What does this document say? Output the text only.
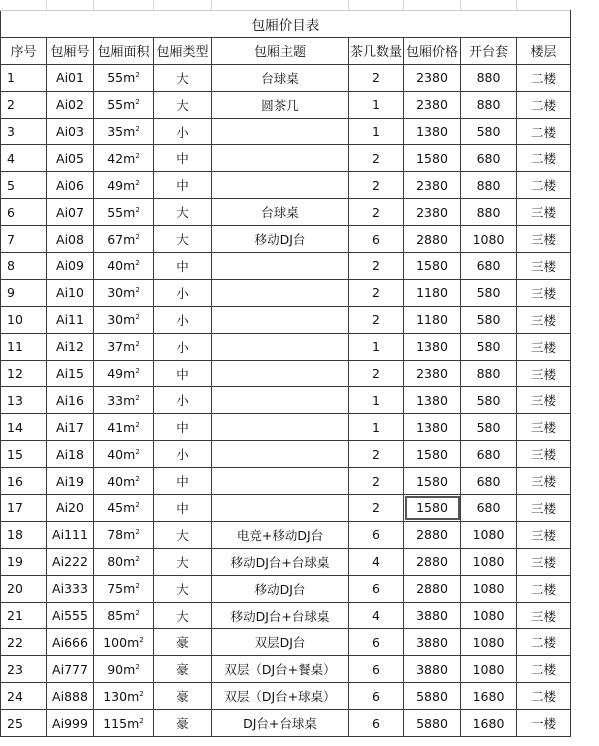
包厢价目表								
序号	包厢号	包厢面积	包厢类型	包厢主题	茶几数量	包厢价格	开台套	楼层
1	Ai01	$55m^2$	大	台球桌	2	2380	880	二楼
2	Ai02	$55m^2$	大	圆茶几	1	2380	880	二楼
3	Ai03	$35m^2$	小		1	1380	580	二楼
4	Ai05	$42m^2$	中		2	1580	680	二楼
5	Ai06	$49m^2$	中		2	2380	880	二楼
6	Ai07	$55m^2$	大	台球桌	2	2380	880	三楼
7	Ai08	$67m^2$	大	移动DJ台	6	2880	1080	三楼
8	Ai09	$40m^2$	中		2	1580	680	三楼
9	Ai10	$30m^2$	小		2	1180	580	三楼
10	Ai11	$30m^2$	小		2	1180	580	三楼
11	Ai12	$37m^2$	小		1	1380	580	三楼
12	Ai15	$49m^2$	中		2	2380	880	三楼
13	Ai16	$33m^2$	小		1	1380	580	三楼
14	Ai17	$41m^2$	中		1	1380	580	三楼
15	Ai18	$40m^2$	小		2	1580	680	三楼
16	Ai19	$40m^2$	中		2	1580	680	三楼
17	Ai20	$45m^2$	中		2	1580	680	三楼
18	Ai111	$78m^2$	大	电竞+移动DJ台	6	2880	1080	三楼
19	Ai222	$80m^2$	大	移动DJ台+台球桌	4	2880	1080	三楼
20	Ai333	$75m^2$	大	移动DJ台	6	2880	1080	二楼
21	Ai555	$85m^2$	大	移动DJ台+台球桌	4	3880	1080	三楼
22	Ai666	$100m^2$	豪	双层DJ台	6	3880	1080	二楼
23	Ai777	$90m^2$	豪	双层（DJ台+餐桌）	6	3880	1080	二楼
24	Ai888	$130m^2$	豪	双层（DJ台+球桌）	6	5880	1680	二楼
25	Ai999	$115m^2$	豪	DJ台+台球桌	6	5880	1680	一楼
